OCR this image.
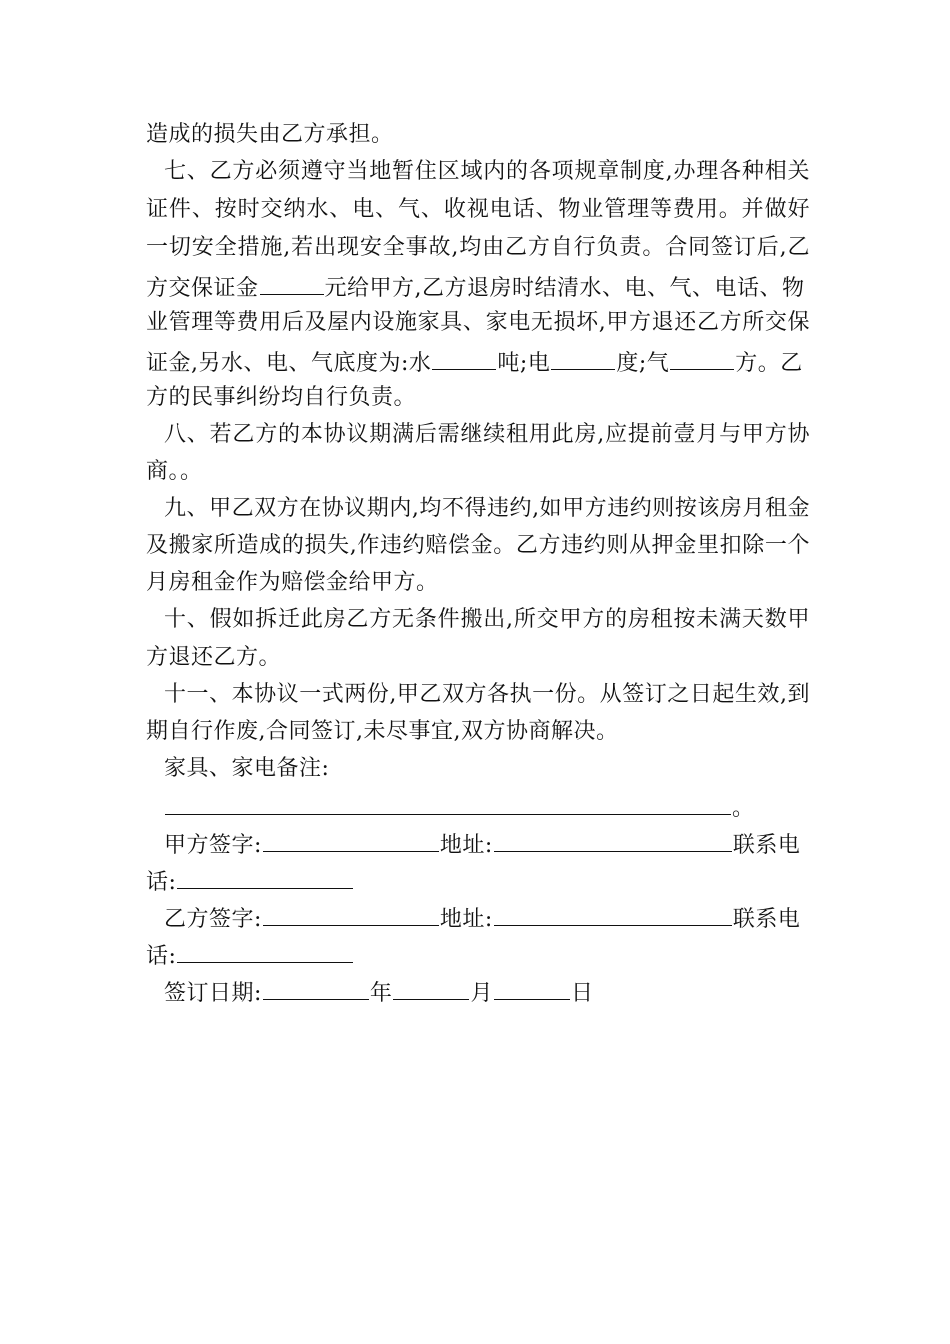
造成的损失由乙方承担。
七、乙方必须遵守当地暂住区域内的各项规章制度,办理各种相关
证件、按时交纳水、电、气、收视电话、物业管理等费用。并做好
一切安全措施,若出现安全事故,均由乙方自行负责。合同签订后,乙
方交保证金	元给甲方,乙方退房时结清水、电、气、电话、物
业管理等费用后及屋内设施家具、家电无损坏,甲方退还乙方所交保
证金,另水、电、气底度为:水	吨;电	度;气	方。乙
方的民事纠纷均自行负责。
八、若乙方的本协议期满后需继续租用此房,应提前壹月与甲方协
商。。
九、甲乙双方在协议期内,均不得违约,如甲方违约则按该房月租金
及搬家所造成的损失,作违约赔偿金。乙方违约则从押金里扣除一个
月房租金作为赔偿金给甲方。
十、假如拆迁此房乙方无条件搬出,所交甲方的房租按未满天数甲
方退还乙方。
十一、本协议一式两份,甲乙双方各执一份。从签订之日起生效,到
期自行作废,合同签订,未尽事宜,双方协商解决。
家具、家电备注:
。
甲方签字:	地址:	联系电
话:
乙方签字:	地址:	联系电
话:
签订日期:	年	月	日
